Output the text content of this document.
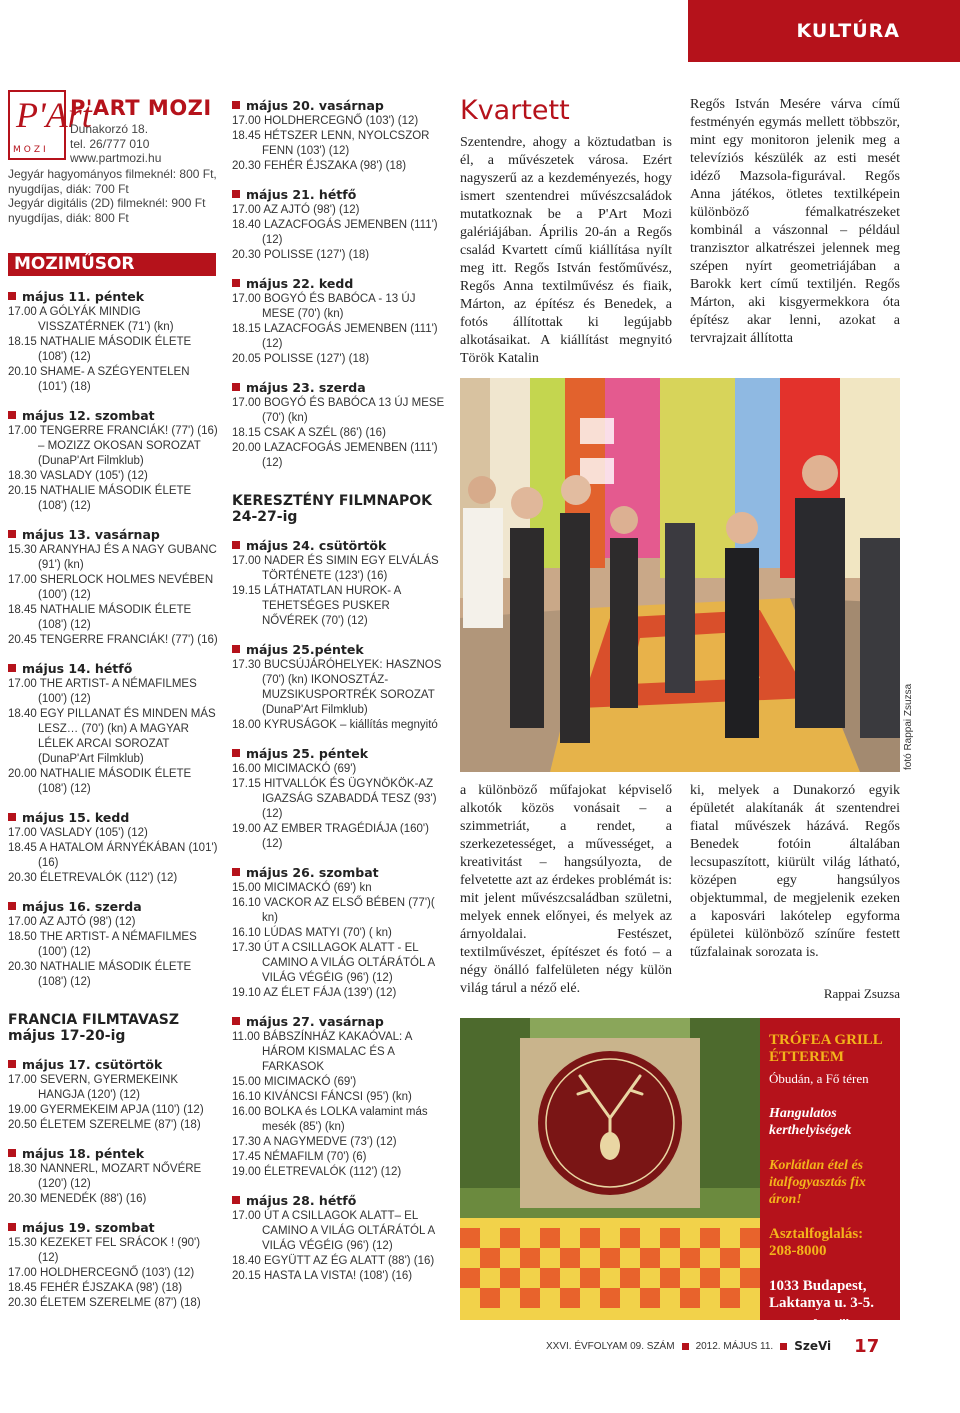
KULTÚRA
P'Art
MOZI
P'ART MOZI
Dunakorzó 18.
tel. 26/777 010
www.partmozi.hu
Jegyár hagyományos filmeknél: 800 Ft,
nyugdíjas, diák: 700 Ft
Jegyár digitális (2D) filmeknél: 900 Ft
nyugdíjas, diák: 800 Ft
MOZIMŰSOR
május 11. péntek
17.00 A GÓLYÁK MINDIG VISSZATÉRNEK (71') (kn)
18.15 NATHALIE MÁSODIK ÉLETE (108') (12)
20.10 SHAME- A SZÉGYENTELEN (101') (18)
május 12. szombat
17.00 TENGERRE FRANCIÁK! (77') (16) – MOZIZZ OKOSAN SOROZAT (DunaP'Art Filmklub)
18.30 VASLADY (105') (12)
20.15 NATHALIE MÁSODIK ÉLETE (108') (12)
május 13. vasárnap
15.30 ARANYHAJ ÉS A NAGY GUBANC (91') (kn)
17.00 SHERLOCK HOLMES NEVÉBEN (100') (12)
18.45 NATHALIE MÁSODIK ÉLETE (108') (12)
20.45 TENGERRE FRANCIÁK! (77') (16)
május 14. hétfő
17.00 THE ARTIST- A NÉMAFILMES (100') (12)
18.40 EGY PILLANAT ÉS MINDEN MÁS LESZ… (70') (kn) A MAGYAR LÉLEK ARCAI SOROZAT (DunaP'Art Filmklub)
20.00 NATHALIE MÁSODIK ÉLETE (108') (12)
május 15. kedd
17.00 VASLADY (105') (12)
18.45 A HATALOM ÁRNYÉKÁBAN (101') (16)
20.30 ÉLETREVALÓK (112') (12)
május 16. szerda
17.00 AZ AJTÓ (98') (12)
18.50 THE ARTIST- A NÉMAFILMES (100') (12)
20.30 NATHALIE MÁSODIK ÉLETE (108') (12)
FRANCIA FILMTAVASZ május 17-20-ig
május 17. csütörtök
17.00 SEVERN, GYERMEKEINK HANGJA (120') (12)
19.00 GYERMEKEIM APJA (110') (12)
20.50 ÉLETEM SZERELME (87') (18)
május 18. péntek
18.30 NANNERL, MOZART NŐVÉRE (120') (12)
20.30 MENEDÉK (88') (16)
május 19. szombat
15.30 KEZEKET FEL SRÁCOK ! (90') (12)
17.00 HOLDHERCEGNŐ (103') (12)
18.45 FEHÉR ÉJSZAKA (98') (18)
20.30 ÉLETEM SZERELME (87') (18)
május 20. vasárnap
17.00 HOLDHERCEGNŐ (103') (12)
18.45 HÉTSZER LENN, NYOLCSZOR FENN (103') (12)
20.30 FEHÉR ÉJSZAKA (98') (18)
május 21. hétfő
17.00 AZ AJTÓ (98') (12)
18.40 LAZACFOGÁS JEMENBEN (111') (12)
20.30 POLISSE (127') (18)
május 22. kedd
17.00 BOGYÓ ÉS BABÓCA - 13 ÚJ MESE (70') (kn)
18.15 LAZACFOGÁS JEMENBEN (111') (12)
20.05 POLISSE (127') (18)
május 23. szerda
17.00 BOGYÓ ÉS BABÓCA 13 ÚJ MESE (70') (kn)
18.15 CSAK A SZÉL (86') (16)
20.00 LAZACFOGÁS JEMENBEN (111') (12)
KERESZTÉNY FILMNAPOK 24-27-ig
május 24. csütörtök
17.00 NADER ÉS SIMIN EGY ELVÁLÁS TÖRTÉNETE (123') (16)
19.15 LÁTHATATLAN HUROK- A TEHETSÉGES PUSKER NŐVÉREK (70') (12)
május 25.péntek
17.30 BUCSÚJÁRÓHELYEK: HASZNOS (70') (kn) IKONOSZTÁZ- MUZSIKUSPORTRÉK SOROZAT (DunaP'Art Filmklub)
18.00 KYRUSÁGOK – kiállítás megnyitó
május 25. péntek
16.00 MICIMACKÓ (69')
17.15 HITVALLÓK ÉS ÜGYNÖKÖK-AZ IGAZSÁG SZABADDÁ TESZ (93') (12)
19.00 AZ EMBER TRAGÉDIÁJA (160') (12)
május 26. szombat
15.00 MICIMACKÓ (69') kn
16.10 VACKOR AZ ELSŐ BÉBEN (77')( kn)
16.10 LÚDAS MATYI (70') ( kn)
17.30 ÚT A CSILLAGOK ALATT - EL CAMINO A VILÁG OLTÁRÁTÓL A VILÁG VÉGÉIG (96') (12)
19.10 AZ ÉLET FÁJA (139') (12)
május 27. vasárnap
11.00 BÁBSZÍNHÁZ KAKAÓVAL: A HÁROM KISMALAC ÉS A FARKASOK
15.00 MICIMACKÓ (69')
16.10 KIVÁNCSI FÁNCSI (95') (kn)
16.00 BOLKA és LOLKA valamint más mesék (85') (kn)
17.30 A NAGYMEDVE (73') (12)
17.45 NÉMAFILM (70') (6)
19.00 ÉLETREVALÓK (112') (12)
május 28. hétfő
17.00 ÚT A CSILLAGOK ALATT– EL CAMINO A VILÁG OLTÁRÁTÓL A VILÁG VÉGÉIG (96') (12)
18.40 EGYÜTT AZ ÉG ALATT (88') (16)
20.15 HASTA LA VISTA! (108') (16)
Kvartett
Szentendre, ahogy a köztudatban is él, a művészetek városa. Ezért nagyszerű az a kezdeményezés, hogy ismert szentendrei művészcsaládok mutatkoznak be a P'Art Mozi galériájában. Április 20-án a Regős család Kvartett című kiállítása nyílt meg itt. Regős István festőművész, Regős Anna textilművész és fiaik, Márton, az építész és Benedek, a fotós állítottak ki legújabb alkotásaikat. A kiállítást megnyitó Török Katalin
Regős István Mesére várva című festményén egymás mellett többször, mint egy monitoron jelenik meg a televíziós készülék az esti mesét idéző Mazsola-figurával. Regős Anna játékos, ötletes textilképein különböző fémalkatrészeket kombinál a vászonnal – például tranzisztor alkatrészei jelennek meg szépen nyírt geometriájában a Barokk kert című textiljén. Regős Márton, aki kisgyermekkora óta építész akar lenni, azokat a tervrajzait állította
fotó Rappai Zsuzsa
a különböző műfajokat képviselő alkotók közös vonásait – a szimmetriát, a rendet, a szerkezetességet, a művességet, a kreativitást – hangsúlyozta, de felvetette azt az érdekes problémát is: mit jelent művészcsaládban születni, melyek ennek előnyei, és melyek az árnyoldalai. Festészet, textilművészet, építészet és fotó – a négy önálló falfelületen négy külön világ tárul a néző elé.
ki, melyek a Dunakorzó egyik épületét alakítanák át szentendrei fiatal művészek házává. Regős Benedek fotóin általában lecsupaszított, kiürült világ látható, középen egy hangsúlyos objektummal, de megjelenik ezeken a kaposvári lakótelep egyforma épületei különböző színűre festett tűzfalainak sorozata is.
Rappai Zsuzsa
TRÓFEA GRILL ÉTTEREM
Óbudán, a Fő téren
Hangulatos kerthelyiségek
Korlátlan étel és italfogyasztás fix áron!
Asztalfoglalás:
208-8000
1033 Budapest, Laktanya u. 3-5.
www.trofeagrill.com
XXVI. ÉVFOLYAM 09. SZÁM 2012. MÁJUS 11. SzeVi 17
